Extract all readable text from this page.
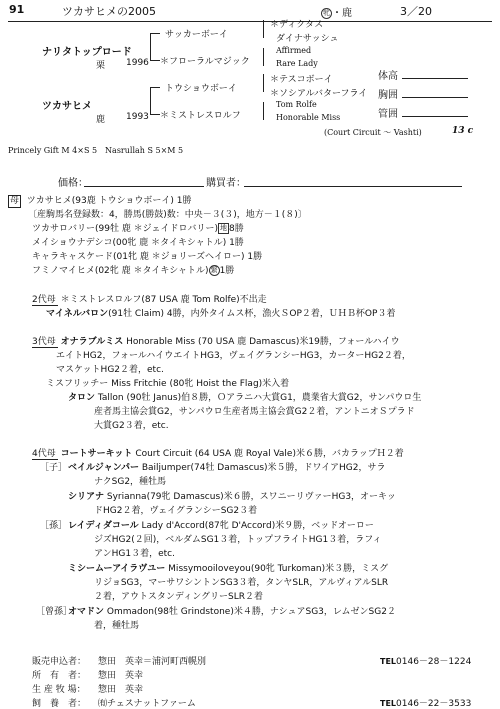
91	ツカサヒメの2005	牝 ・鹿	3／20
ナリタトップロード
栗 1996
ツカサヒメ
鹿 1993
サッカーボーイ
＊フローラルマジック
トウショウボーイ
＊ミストレスロルフ
＊ディクタス
ダイナサッシュ
Affirmed
Rare Lady
＊テスコボーイ
＊ソシアルバターフライ
Tom Rolfe
Honorable Miss
体高
胸囲
管囲
(Court Circuit ～ Vashti)	13 c
Princely Gift M 4×S 5　Nasrullah S 5×M 5
価格：	購買者：
母 ツカサヒメ(93鹿 トウショウボーイ) 1勝
〔産駒馬名登録数：4，勝馬(勝鼓)数：中央－３(３)，地方－１(８)〕
ツカサロバリー(99牡 鹿 ＊ジェイドロバリー) 地 8勝
メイショウナデシコ(00牝 鹿 ＊タイキシャトル) 1勝
キャラキャスケード(01牝 鹿 ＊ジョリーズヘイロー) 1勝
フミノマイヒメ(02牝 鹿 ＊タイキシャトル) 繁 1勝
2代母 ＊ミストレスロルフ(87 USA 鹿 Tom Rolfe)不出走
マイネルバロン(91牡 Claim) 4勝，内外タイムス杯，漁火ＳOP２着，ＵＨＢ杯OP３着
3代母 オナラブルミス Honorable Miss (70 USA 鹿 Damascus)米19勝，フォールハイウ
エイトHG2，フォールハイウエイトHG3，ヴェイグランシーHG3，カーターHG2２着，
マスケットHG2２着，etc.
ミスフリッチー Miss Fritchie (80牝 Hoist the Flag)米入着
タロン Tallon (90牡 Janus)伯８勝，Ｏアラニハ大賞G1，農業省大賞G2，サンパウロ生
産者馬主協会賞G2，サンパウロ生産者馬主協会賞G2２着，アントニオＳプラド
大賞G2３着，etc.
4代母 コートサーキット Court Circuit (64 USA 鹿 Royal Vale)米６勝，バカラップＨ２着
［子］ ベイルジャンパー Bailjumper(74牡 Damascus)米５勝，ドワイアHG2，サラ
ナクSG2，種牡馬
シリアナ Syrianna(79牝 Damascus)米６勝，スワニーリヴァーHG3，オーキッ
ドHG2２着，ヴェイグランシーSG2３着
［孫］ レイディダコール Lady d'Accord(87牝 D'Accord)米９勝，ベッドオーロー
ジズHG2(２回)，ベルダムSG1３着，トップフライトHG1３着，ラフィ
アンHG1３着，etc.
ミシームーアイラヴユー Missymooiloveyou(90牝 Turkoman)米３勝，ミスグ
リジョSG3，マーサワシントンSG3３着，タンヤSLR，アルヴィアルSLR
２着，アウトスタンディングリーSLR２着
［曾孫］
オマドン Ommadon(98牡 Grindstone)米４勝，ナシュアSG3，レムゼンSG2２
着，種牡馬
販売申込者： 惣田　英幸＝浦河町西幌別	TEL0146－28－1224
所　有　者： 惣田　英幸
生 産 牧 場： 惣田　英幸
飼　養　者： ㈲チェスナットファーム	TEL0146－22－3533
